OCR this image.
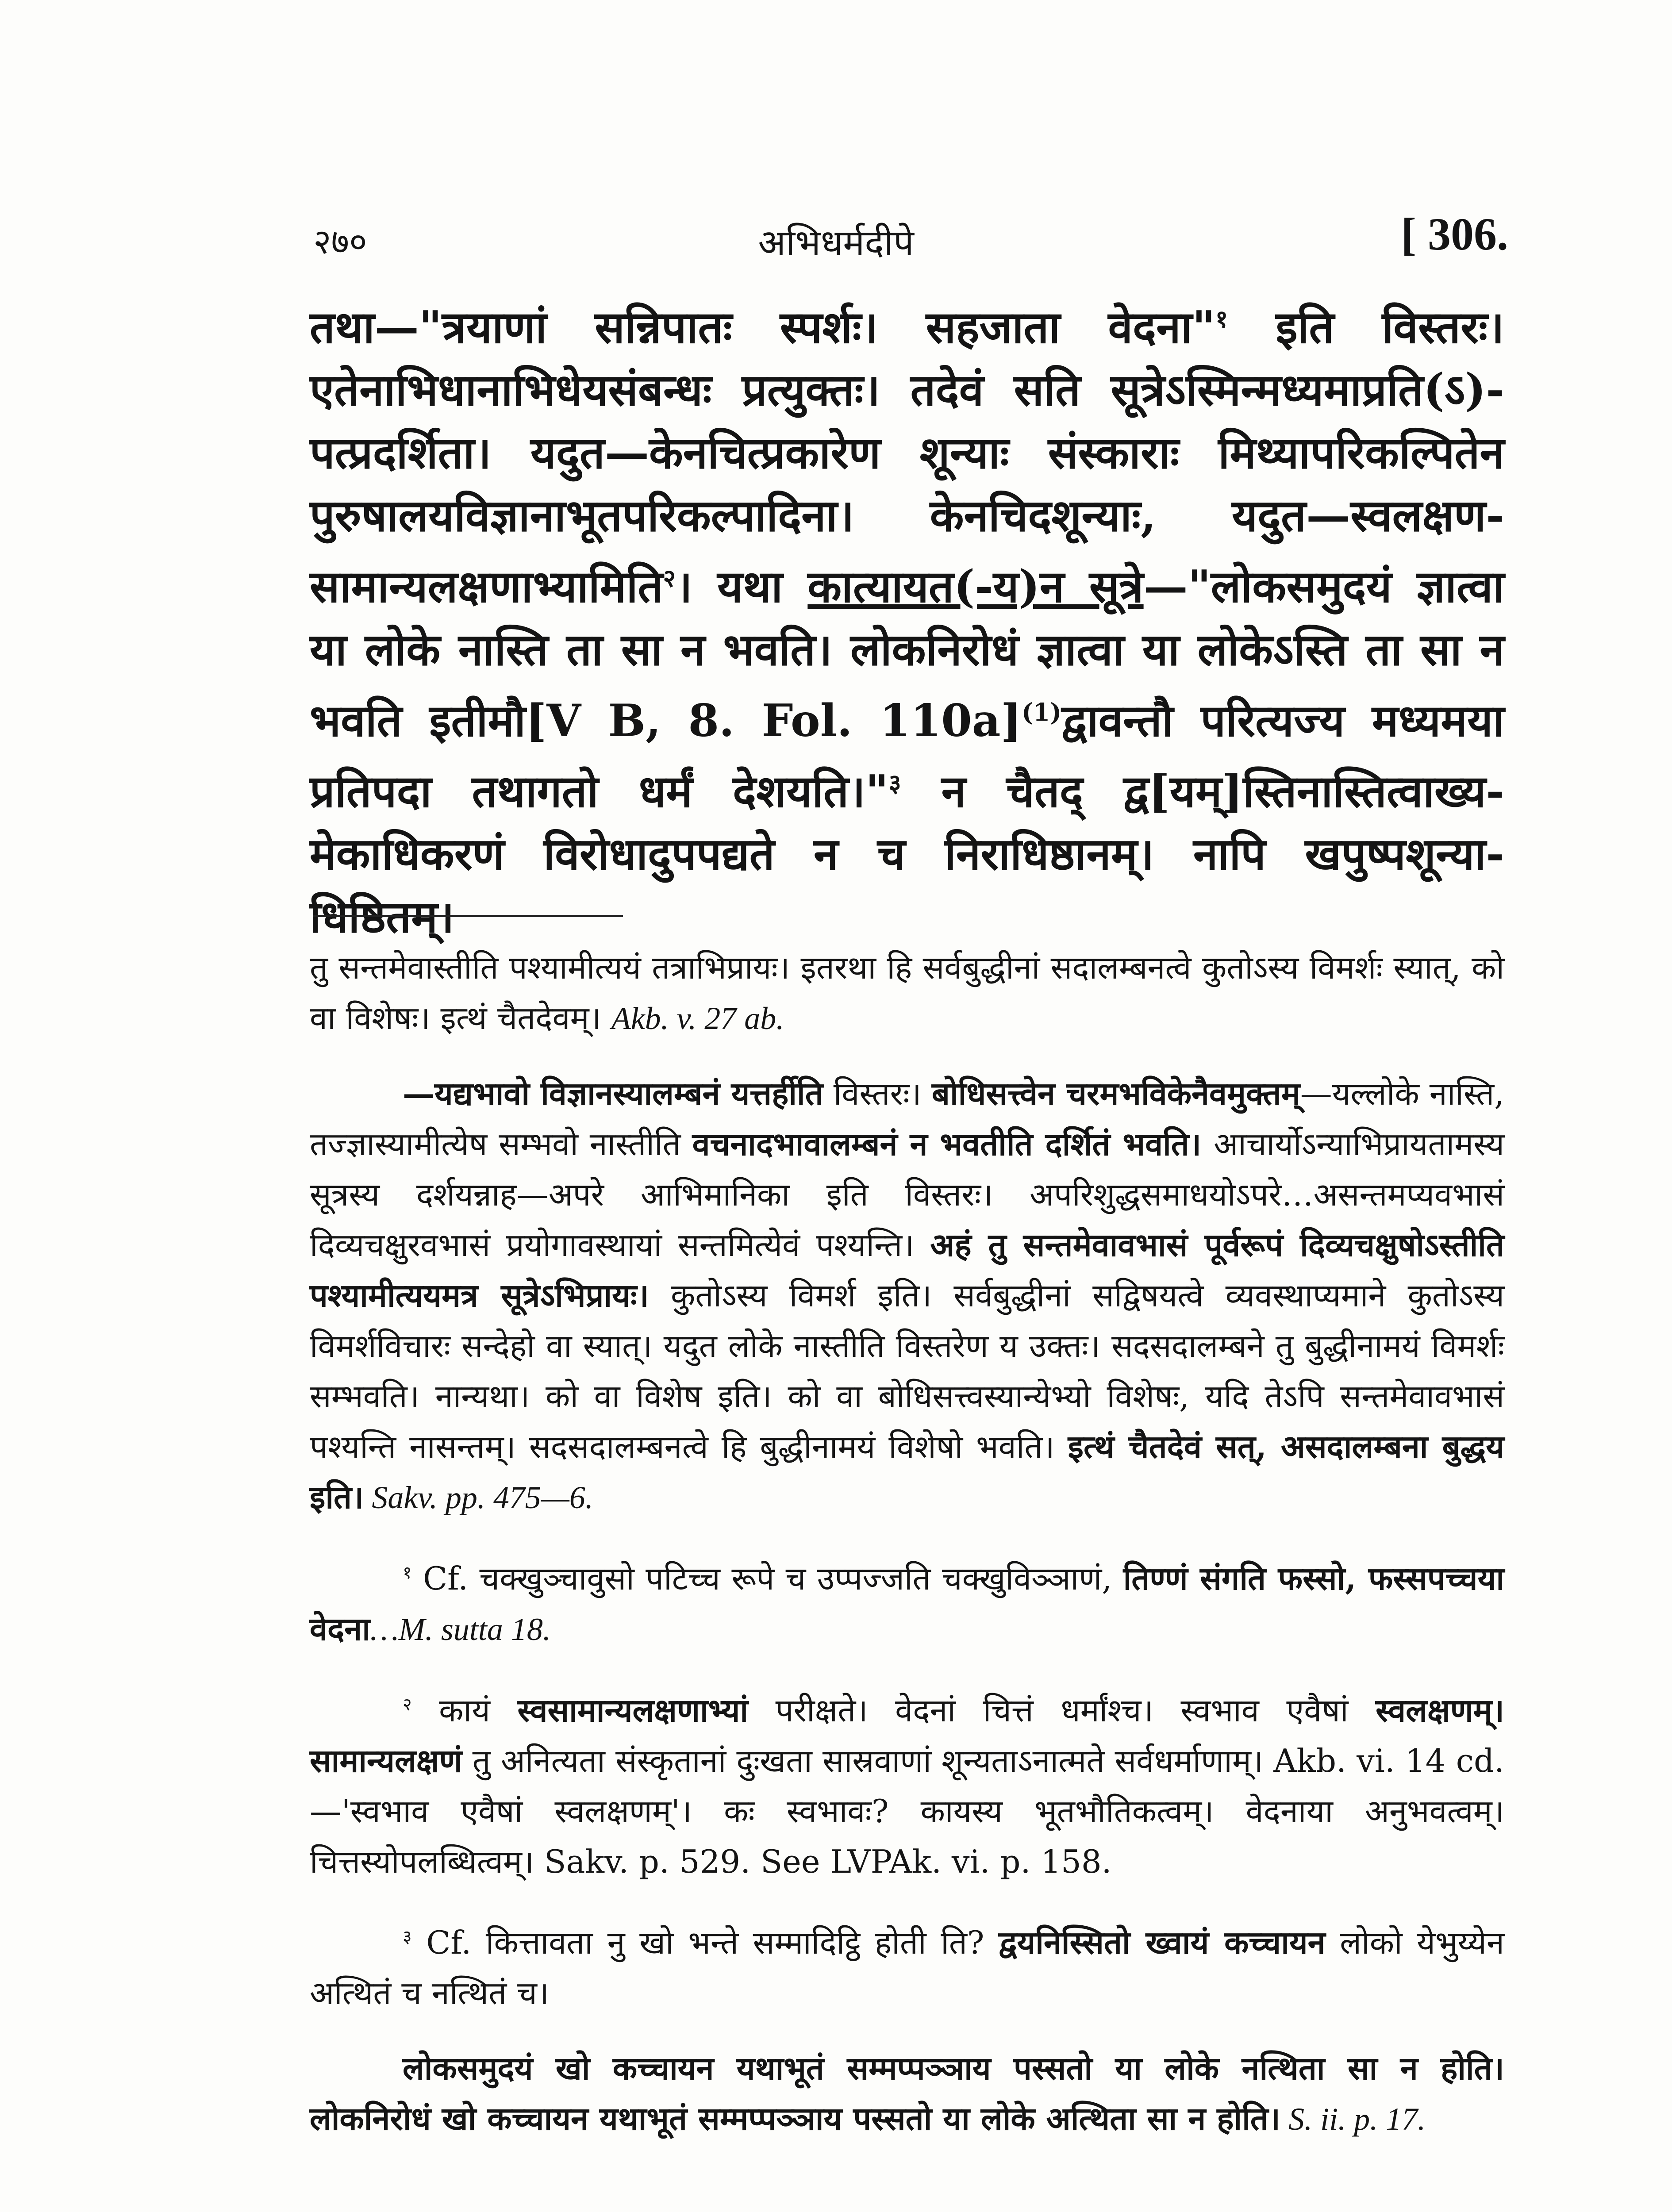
२७०	अभिधर्मदीपे	[ 306.

तथा—"त्रयाणां सन्निपातः स्पर्शः। सहजाता वेदना"$^१$ इति विस्तरः। एतेनाभिधानाभिधेयसंबन्धः प्रत्युक्तः। तदेवं सति सूत्रेऽस्मिन्मध्यमाप्रति(ऽ)-पत्प्रदर्शिता। यदुत—केनचित्प्रकारेण शून्याः संस्काराः मिथ्यापरिकल्पितेन पुरुषालयविज्ञानाभूतपरिकल्पादिना। केनचिदशून्याः, यदुत—स्वलक्षण-सामान्यलक्षणाभ्यामिति$^२$। यथा कात्यायत(-य)न सूत्रे—"लोकसमुदयं ज्ञात्वा या लोके नास्ति ता सा न भवति। लोकनिरोधं ज्ञात्वा या लोकेऽस्ति ता सा न भवति इतीमौ[V B, 8. Fol. 110a]$^{(1)}$द्वावन्तौ परित्यज्य मध्यमया प्रतिपदा तथागतो धर्मं देशयति।"$^३$ न चैतद् द्व[यम्]स्तिनास्तित्वाख्य-मेकाधिकरणं विरोधादुपपद्यते न च निराधिष्ठानम्। नापि खपुष्पशून्या-धिष्ठितम्।

तु सन्तमेवास्तीति पश्यामीत्ययं तत्राभिप्रायः। इतरथा हि सर्वबुद्धीनां सदालम्बनत्वे कुतोऽस्य विमर्शः स्यात्, को वा विशेषः। इत्थं चैतदेवम्। Akb. v. 27 ab.

—यद्यभावो विज्ञानस्यालम्बनं यत्तर्हीति विस्तरः। बोधिसत्त्वेन चरमभविकेनैवमुक्तम्—यल्लोके नास्ति, तज्ज्ञास्यामीत्येष सम्भवो नास्तीति वचनादभावालम्बनं न भवतीति दर्शितं भवति। आचार्योऽन्याभिप्रायतामस्य सूत्रस्य दर्शयन्नाह—अपरे आभिमानिका इति विस्तरः। अपरिशुद्धसमाधयोऽपरे…असन्तमप्यवभासं दिव्यचक्षुरवभासं प्रयोगावस्थायां सन्तमित्येवं पश्यन्ति। अहं तु सन्तमेवावभासं पूर्वरूपं दिव्यचक्षुषोऽस्तीति पश्यामीत्ययमत्र सूत्रेऽभिप्रायः। कुतोऽस्य विमर्श इति। सर्वबुद्धीनां सद्विषयत्वे व्यवस्थाप्यमाने कुतोऽस्य विमर्शविचारः सन्देहो वा स्यात्। यदुत लोके नास्तीति विस्तरेण य उक्तः। सदसदालम्बने तु बुद्धीनामयं विमर्शः सम्भवति। नान्यथा। को वा विशेष इति। को वा बोधिसत्त्वस्यान्येभ्यो विशेषः, यदि तेऽपि सन्तमेवावभासं पश्यन्ति नासन्तम्। सदसदालम्बनत्वे हि बुद्धीनामयं विशेषो भवति। इत्थं चैतदेवं सत्, असदालम्बना बुद्धय इति। Sakv. pp. 475—6.

$^१$ Cf. चक्खुञ्चावुसो पटिच्च रूपे च उप्पज्जति चक्खुविञ्ञाणं, तिण्णं संगति फस्सो, फस्सपच्चया वेदना…M. sutta 18.

$^२$ कायं स्वसामान्यलक्षणाभ्यां परीक्षते। वेदनां चित्तं धर्मांश्च। स्वभाव एवैषां स्वलक्षणम्। सामान्यलक्षणं तु अनित्यता संस्कृतानां दुःखता सास्रवाणां शून्यताऽनात्मते सर्वधर्माणाम्। Akb. vi. 14 cd.—'स्वभाव एवैषां स्वलक्षणम्'। कः स्वभावः? कायस्य भूतभौतिकत्वम्। वेदनाया अनुभवत्वम्। चित्तस्योपलब्धित्वम्। Sakv. p. 529. See LVPAk. vi. p. 158.

$^३$ Cf. कित्तावता नु खो भन्ते सम्मादिट्ठि होती ति? द्वयनिस्सितो ख्वायं कच्चायन लोको येभुय्येन अत्थितं च नत्थितं च।

लोकसमुदयं खो कच्चायन यथाभूतं सम्मप्पञ्ञाय पस्सतो या लोके नत्थिता सा न होति। लोकनिरोधं खो कच्चायन यथाभूतं सम्मप्पञ्ञाय पस्सतो या लोके अत्थिता सा न होति। S. ii. p. 17.
